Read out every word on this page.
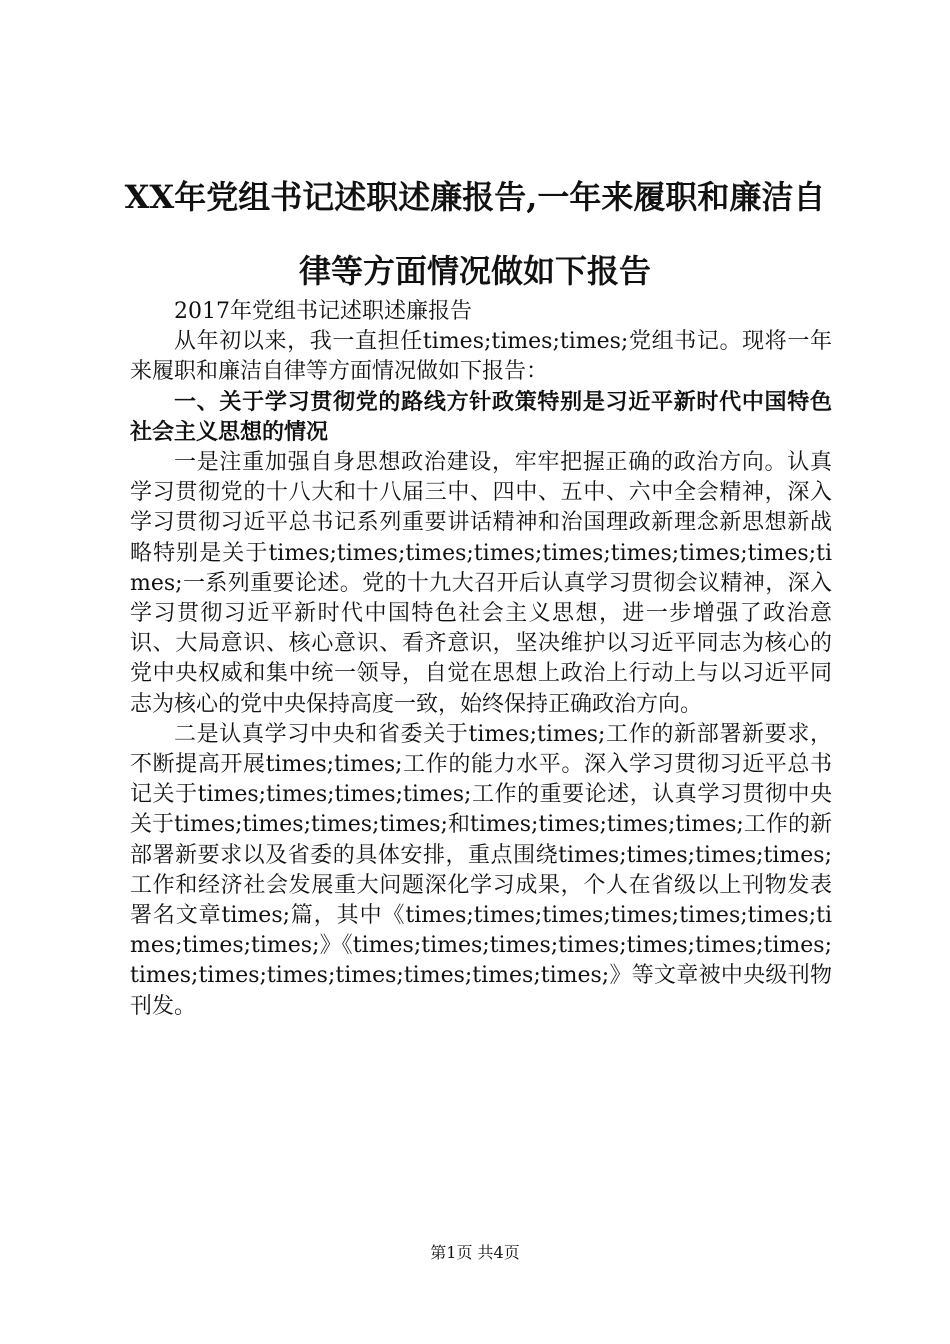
XX年党组书记述职述廉报告,一年来履职和廉洁自律等方面情况做如下报告

2017年党组书记述职述廉报告

从年初以来，我一直担任times;times;times;党组书记。现将一年来履职和廉洁自律等方面情况做如下报告：

一、关于学习贯彻党的路线方针政策特别是习近平新时代中国特色社会主义思想的情况

一是注重加强自身思想政治建设，牢牢把握正确的政治方向。认真学习贯彻党的十八大和十八届三中、四中、五中、六中全会精神，深入学习贯彻习近平总书记系列重要讲话精神和治国理政新理念新思想新战略特别是关于times;times;times;times;times;times;times;times;times;一系列重要论述。党的十九大召开后认真学习贯彻会议精神，深入学习贯彻习近平新时代中国特色社会主义思想，进一步增强了政治意识、大局意识、核心意识、看齐意识，坚决维护以习近平同志为核心的党中央权威和集中统一领导，自觉在思想上政治上行动上与以习近平同志为核心的党中央保持高度一致，始终保持正确政治方向。

二是认真学习中央和省委关于times;times;工作的新部署新要求，不断提高开展times;times;工作的能力水平。深入学习贯彻习近平总书记关于times;times;times;times;工作的重要论述，认真学习贯彻中央关于times;times;times;times;和times;times;times;times;工作的新部署新要求以及省委的具体安排，重点围绕times;times;times;times;工作和经济社会发展重大问题深化学习成果，个人在省级以上刊物发表署名文章times;篇，其中《times;times;times;times;times;times;times;times;times;》《times;times;times;times;times;times;times;times;times;times;times;times;times;times;》等文章被中央级刊物刊发。

第1页 共4页
